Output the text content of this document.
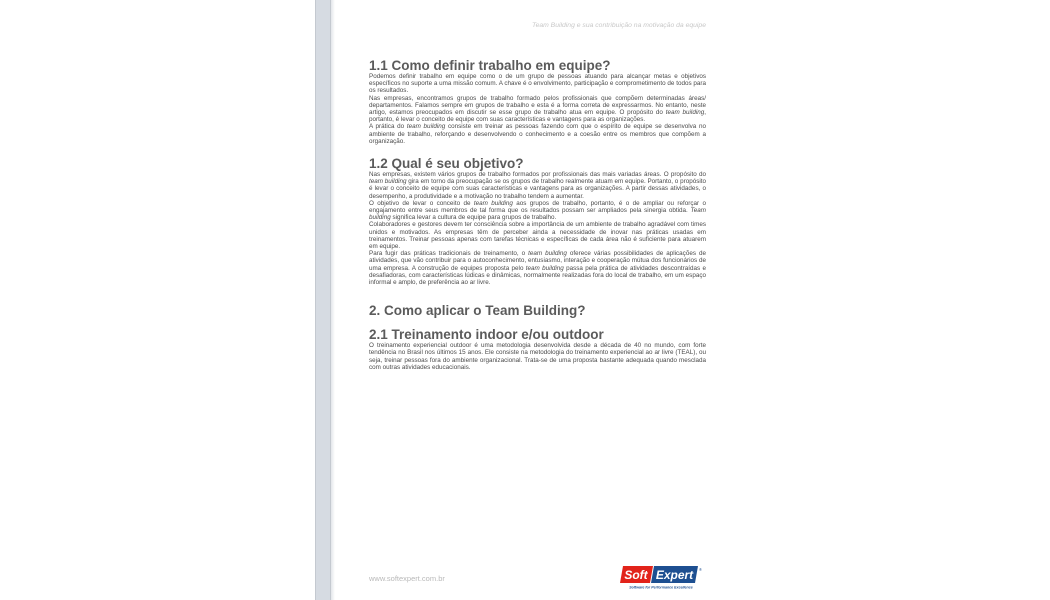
Team Building e sua contribuição na motivação da equipe
1.1 Como definir trabalho em equipe?

Podemos definir trabalho em equipe como o de um grupo de pessoas atuando para alcançar metas e objetivos específicos no suporte a uma missão comum. A chave é o envolvimento, participação e comprometimento de todos para os resultados.

Nas empresas, encontramos grupos de trabalho formado pelos profissionais que compõem determinadas áreas/ departamentos. Falamos sempre em grupos de trabalho e esta é a forma correta de expressarmos. No entanto, neste artigo, estamos preocupados em discutir se esse grupo de trabalho atua em equipe. O propósito do team building, portanto, é levar o conceito de equipe com suas características e vantagens para as organizações.

A prática do team building consiste em treinar as pessoas fazendo com que o espírito de equipe se desenvolva no ambiente de trabalho, reforçando e desenvolvendo o conhecimento e a coesão entre os membros que compõem a organização.

1.2 Qual é seu objetivo?

Nas empresas, existem vários grupos de trabalho formados por profissionais das mais variadas áreas. O propósito do team building gira em torno da preocupação se os grupos de trabalho realmente atuam em equipe. Portanto, o propósito é levar o conceito de equipe com suas características e vantagens para as organizações. A partir dessas atividades, o desempenho, a produtividade e a motivação no trabalho tendem a aumentar.

O objetivo de levar o conceito de team building aos grupos de trabalho, portanto, é o de ampliar ou reforçar o engajamento entre seus membros de tal forma que os resultados possam ser ampliados pela sinergia obtida. Team building significa levar a cultura de equipe para grupos de trabalho.

Colaboradores e gestores devem ter consciência sobre a importância de um ambiente de trabalho agradável com times unidos e motivados. As empresas têm de perceber ainda a necessidade de inovar nas práticas usadas em treinamentos. Treinar pessoas apenas com tarefas técnicas e específicas de cada área não é suficiente para atuarem em equipe.

Para fugir das práticas tradicionais de treinamento, o team building oferece várias possibilidades de aplicações de atividades, que vão contribuir para o autoconhecimento, entusiasmo, interação e cooperação mútua dos funcionários de uma empresa. A construção de equipes proposta pelo team building passa pela prática de atividades descontraídas e desafiadoras, com características lúdicas e dinâmicas, normalmente realizadas fora do local de trabalho, em um espaço informal e amplo, de preferência ao ar livre.

2. Como aplicar o Team Building?
2.1 Treinamento indoor e/ou outdoor

O treinamento experiencial outdoor é uma metodologia desenvolvida desde a década de 40 no mundo, com forte tendência no Brasil nos últimos 15 anos. Ele consiste na metodologia do treinamento experiencial ao ar livre (TEAL), ou seja, treinar pessoas fora do ambiente organizacional. Trata-se de uma proposta bastante adequada quando mesclada com outras atividades educacionais.

www.softexpert.com.br	Soft Expert ®
Software for Performance Excellence
